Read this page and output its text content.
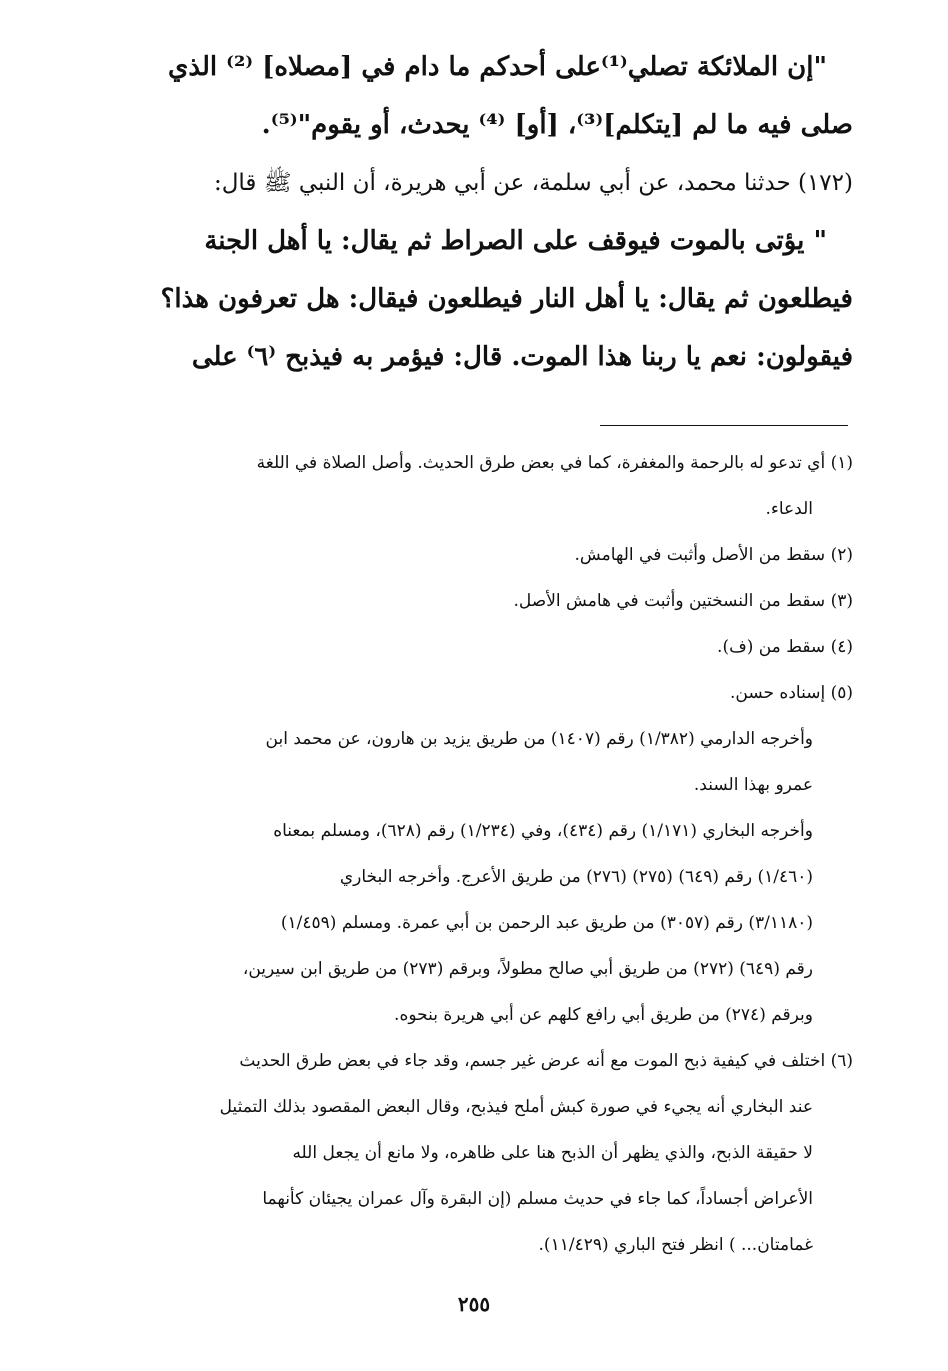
"إن الملائكة تصلي⁽¹⁾على أحدكم ما دام في [مصلاه] ⁽²⁾ الذي
صلى فيه ما لم [يتكلم]⁽³⁾، [أو] ⁽⁴⁾ يحدث، أو يقوم"⁽⁵⁾.
(١٧٢) حدثنا محمد، عن أبي سلمة، عن أبي هريرة، أن النبي ﷺ قال:
" يؤتى بالموت فيوقف على الصراط ثم يقال: يا أهل الجنة
فيطلعون ثم يقال: يا أهل النار فيطلعون فيقال: هل تعرفون هذا؟
فيقولون: نعم يا ربنا هذا الموت. قال: فيؤمر به فيذبح ⁽٦⁾ على
(١) أي تدعو له بالرحمة والمغفرة، كما في بعض طرق الحديث. وأصل الصلاة في اللغة
الدعاء.
(٢) سقط من الأصل وأثبت في الهامش.
(٣) سقط من النسختين وأثبت في هامش الأصل.
(٤) سقط من (ف).
(٥) إسناده حسن.
وأخرجه الدارمي (١/٣٨٢) رقم (١٤٠٧) من طريق يزيد بن هارون، عن محمد ابن
عمرو بهذا السند.
وأخرجه البخاري (١/١٧١) رقم (٤٣٤)، وفي (١/٢٣٤) رقم (٦٢٨)، ومسلم بمعناه
(١/٤٦٠) رقم (٦٤٩) (٢٧٥) (٢٧٦) من طريق الأعرج. وأخرجه البخاري
(٣/١١٨٠) رقم (٣٠٥٧) من طريق عبد الرحمن بن أبي عمرة. ومسلم (١/٤٥٩)
رقم (٦٤٩) (٢٧٢) من طريق أبي صالح مطولاً، وبرقم (٢٧٣) من طريق ابن سيرين،
وبرقم (٢٧٤) من طريق أبي رافع كلهم عن أبي هريرة بنحوه.
(٦) اختلف في كيفية ذبح الموت مع أنه عرض غير جسم، وقد جاء في بعض طرق الحديث
عند البخاري أنه يجيء في صورة كبش أملح فيذبح، وقال البعض المقصود بذلك التمثيل
لا حقيقة الذبح، والذي يظهر أن الذبح هنا على ظاهره، ولا مانع أن يجعل الله
الأعراض أجساداً، كما جاء في حديث مسلم (إن البقرة وآل عمران يجيئان كأنهما
غمامتان... ) انظر فتح الباري (١١/٤٢٩).
٢٥٥
